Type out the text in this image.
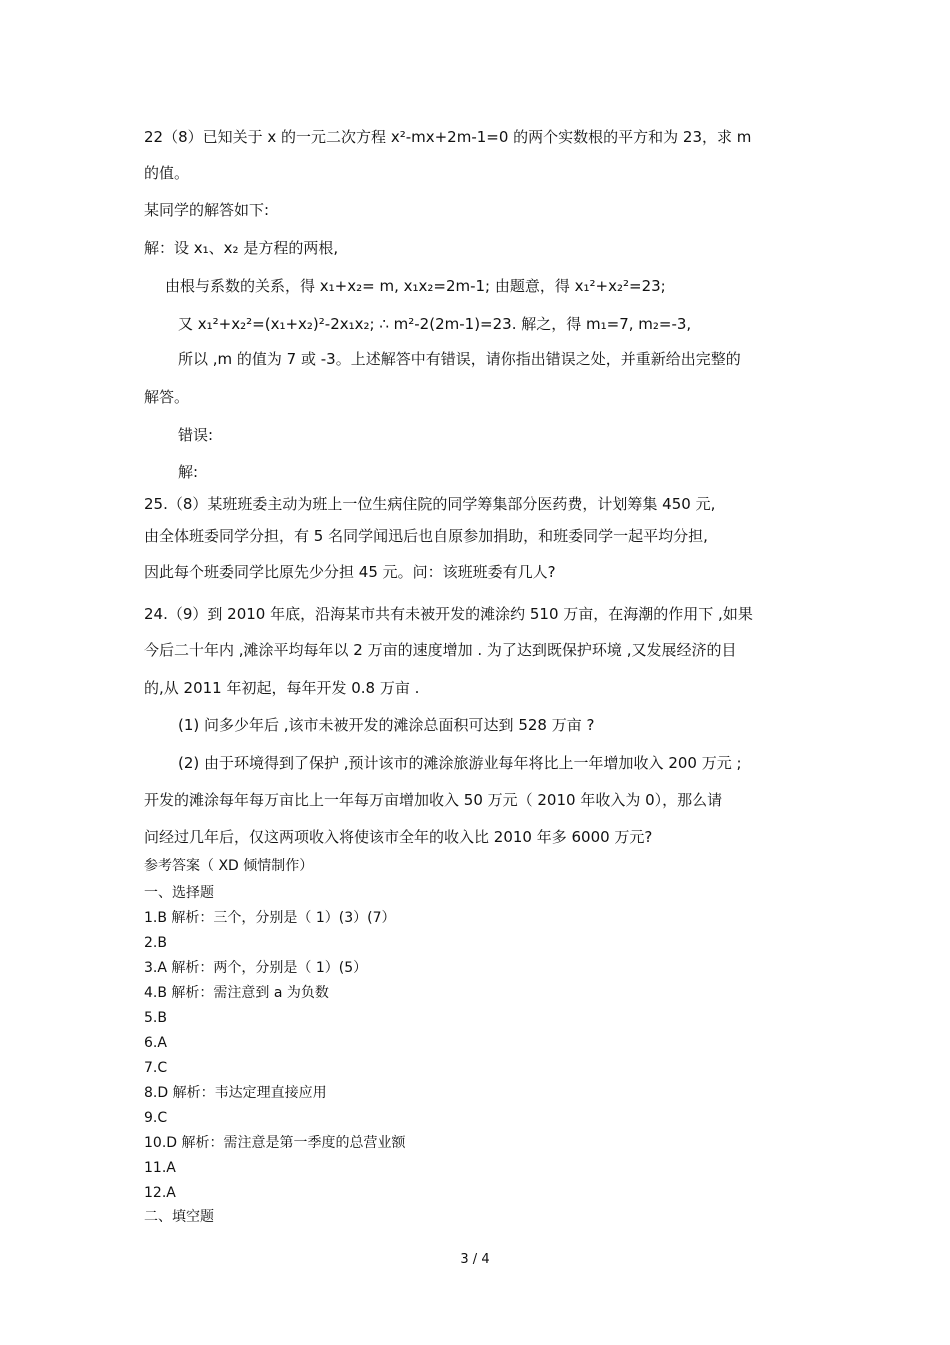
22（8）已知关于 x 的一元二次方程 x²-mx+2m-1=0 的两个实数根的平方和为 23，求 m

的值。

某同学的解答如下:

解：设 x₁、x₂ 是方程的两根,

由根与系数的关系，得 x₁+x₂= m, x₁x₂=2m-1; 由题意，得 x₁²+x₂²=23;

又 x₁²+x₂²=(x₁+x₂)²-2x₁x₂; ∴ m²-2(2m-1)=23. 解之，得 m₁=7, m₂=-3,

所以 ,m 的值为 7 或 -3。上述解答中有错误，请你指出错误之处，并重新给出完整的

解答。

错误:

解:

25.（8）某班班委主动为班上一位生病住院的同学筹集部分医药费，计划筹集 450 元,

由全体班委同学分担，有 5 名同学闻迅后也自原参加捐助，和班委同学一起平均分担,

因此每个班委同学比原先少分担 45 元。问：该班班委有几人?

24.（9）到 2010 年底，沿海某市共有未被开发的滩涂约 510 万亩，在海潮的作用下 ,如果

今后二十年内 ,滩涂平均每年以 2 万亩的速度增加 . 为了达到既保护环境 ,又发展经济的目

的,从 2011 年初起，每年开发 0.8 万亩 .

(1) 问多少年后 ,该市未被开发的滩涂总面积可达到 528 万亩 ?

(2) 由于环境得到了保护 ,预计该市的滩涂旅游业每年将比上一年增加收入 200 万元 ;

开发的滩涂每年每万亩比上一年每万亩增加收入 50 万元（ 2010 年收入为 0），那么请

问经过几年后，仅这两项收入将使该市全年的收入比 2010 年多 6000 万元?

参考答案（ XD 倾情制作）

一、选择题

1.B 解析：三个，分别是（ 1）(3）(7）

2.B

3.A 解析：两个，分别是（ 1）(5）

4.B 解析：需注意到 a 为负数

5.B

6.A

7.C

8.D 解析：韦达定理直接应用

9.C

10.D 解析：需注意是第一季度的总营业额

11.A

12.A

二、填空题

3 / 4
